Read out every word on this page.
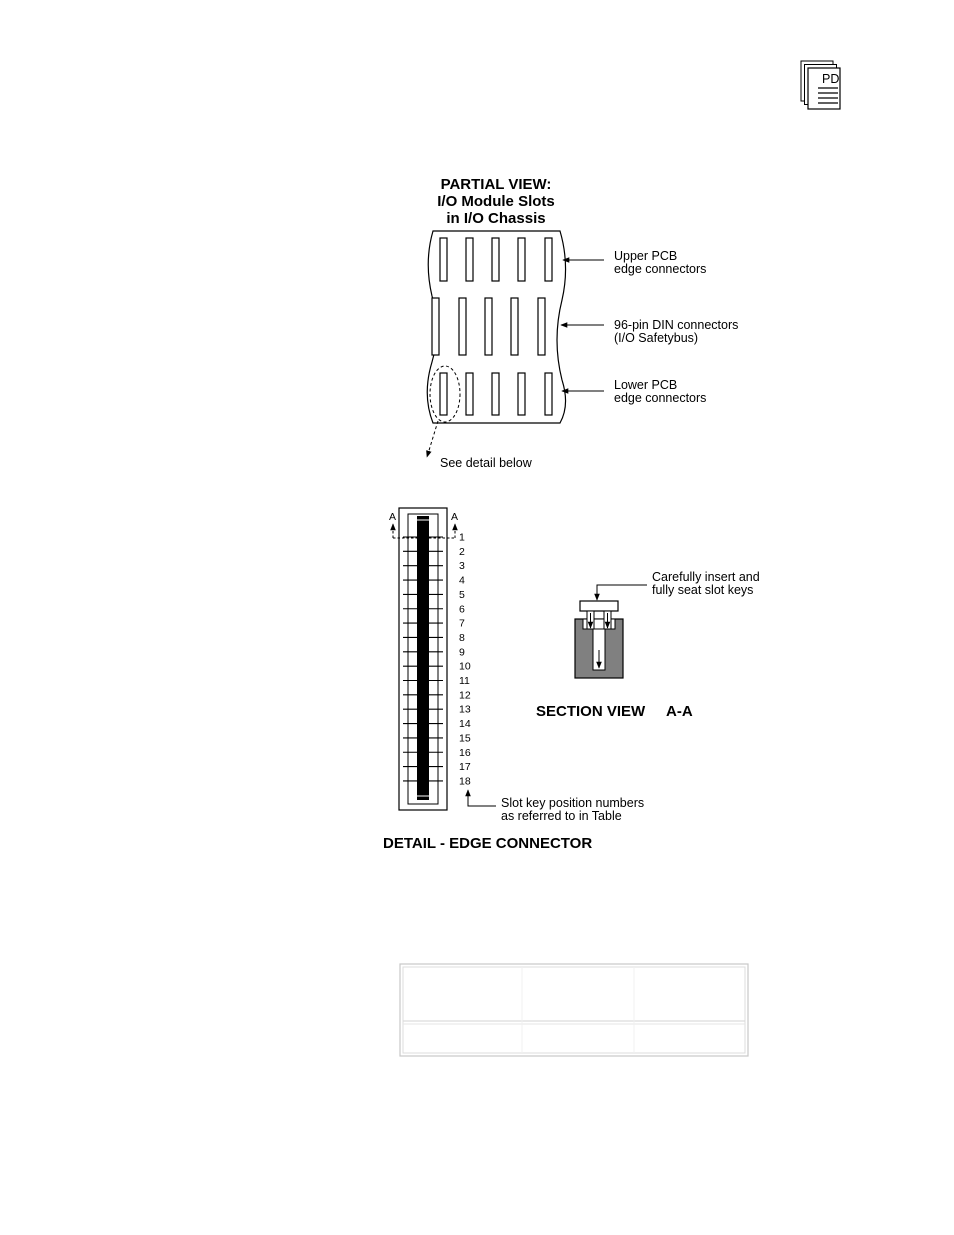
PD
PARTIAL VIEW:
I/O Module Slots
in I/O Chassis
See detail below
Upper PCB
edge connectors
96-pin DIN connectors
(I/O Safetybus)
Lower PCB
edge connectors
A	A
1
2
3
4
5
6
7
8
9
10
11
12
13
14
15
16
17
18
Slot key position numbers
as referred to in Table
DETAIL - EDGE CONNECTOR
Carefully insert and
fully seat slot keys
SECTION VIEW A-A
